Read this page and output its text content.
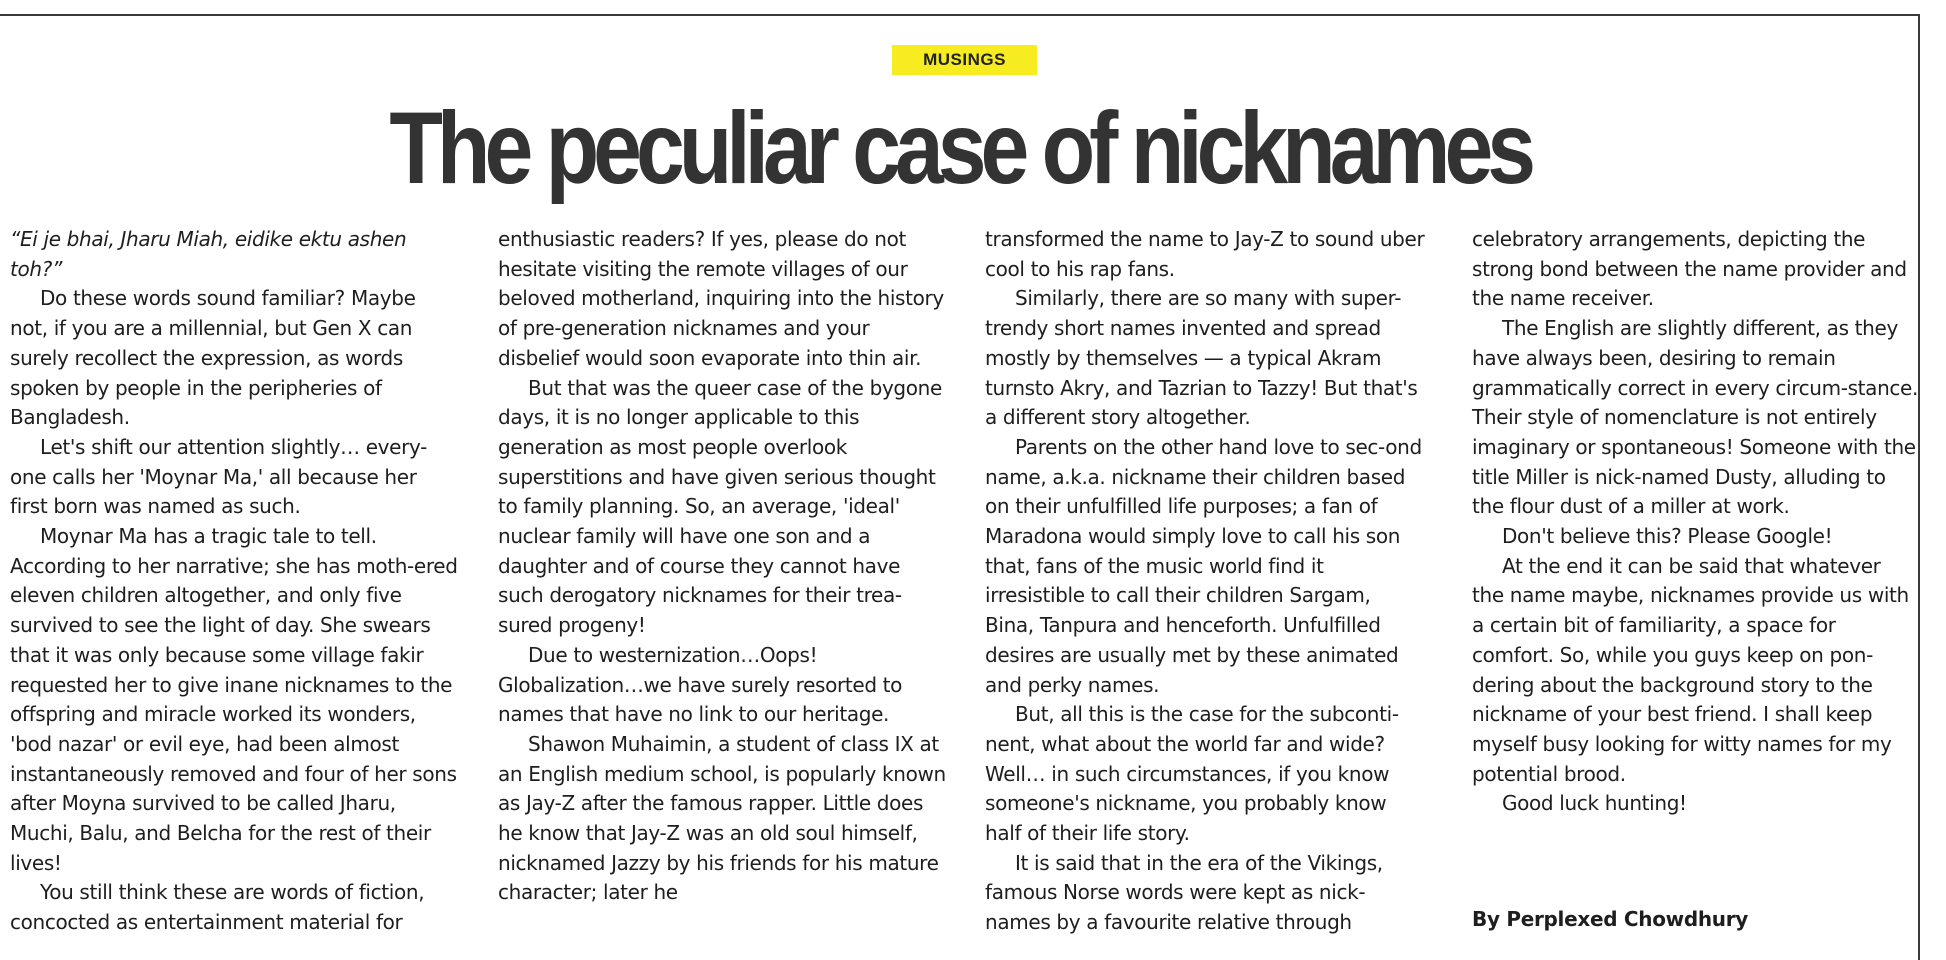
MUSINGS
The peculiar case of nicknames

“Ei je bhai, Jharu Miah, eidike ektu ashen toh?”

Do these words sound familiar? Maybe not, if you are a millennial, but Gen X can surely recollect the expression, as words spoken by people in the peripheries of Bangladesh.

Let's shift our attention slightly… every-one calls her 'Moynar Ma,' all because her first born was named as such.

Moynar Ma has a tragic tale to tell. According to her narrative; she has moth-ered eleven children altogether, and only five survived to see the light of day. She swears that it was only because some village fakir requested her to give inane nicknames to the offspring and miracle worked its wonders, 'bod nazar' or evil eye, had been almost instantaneously removed and four of her sons after Moyna survived to be called Jharu, Muchi, Balu, and Belcha for the rest of their lives!

You still think these are words of fiction, concocted as entertainment material for

enthusiastic readers? If yes, please do not hesitate visiting the remote villages of our beloved motherland, inquiring into the history of pre-generation nicknames and your disbelief would soon evaporate into thin air.

But that was the queer case of the bygone days, it is no longer applicable to this generation as most people overlook superstitions and have given serious thought to family planning. So, an average, 'ideal' nuclear family will have one son and a daughter and of course they cannot have such derogatory nicknames for their trea-sured progeny!

Due to westernization…Oops! Globalization…we have surely resorted to names that have no link to our heritage.

Shawon Muhaimin, a student of class IX at an English medium school, is popularly known as Jay-Z after the famous rapper. Little does he know that Jay-Z was an old soul himself, nicknamed Jazzy by his friends for his mature character; later he

transformed the name to Jay-Z to sound uber cool to his rap fans.

Similarly, there are so many with super-trendy short names invented and spread mostly by themselves — a typical Akram turnsto Akry, and Tazrian to Tazzy! But that's a different story altogether.

Parents on the other hand love to sec-ond name, a.k.a. nickname their children based on their unfulfilled life purposes; a fan of Maradona would simply love to call his son that, fans of the music world find it irresistible to call their children Sargam, Bina, Tanpura and henceforth. Unfulfilled desires are usually met by these animated and perky names.

But, all this is the case for the subconti-nent, what about the world far and wide? Well… in such circumstances, if you know someone's nickname, you probably know half of their life story.

It is said that in the era of the Vikings, famous Norse words were kept as nick-names by a favourite relative through

celebratory arrangements, depicting the strong bond between the name provider and the name receiver.

The English are slightly different, as they have always been, desiring to remain grammatically correct in every circum-stance. Their style of nomenclature is not entirely imaginary or spontaneous! Someone with the title Miller is nick-named Dusty, alluding to the flour dust of a miller at work.

Don't believe this? Please Google!

At the end it can be said that whatever the name maybe, nicknames provide us with a certain bit of familiarity, a space for comfort. So, while you guys keep on pon-dering about the background story to the nickname of your best friend. I shall keep myself busy looking for witty names for my potential brood.

Good luck hunting!

By Perplexed Chowdhury
